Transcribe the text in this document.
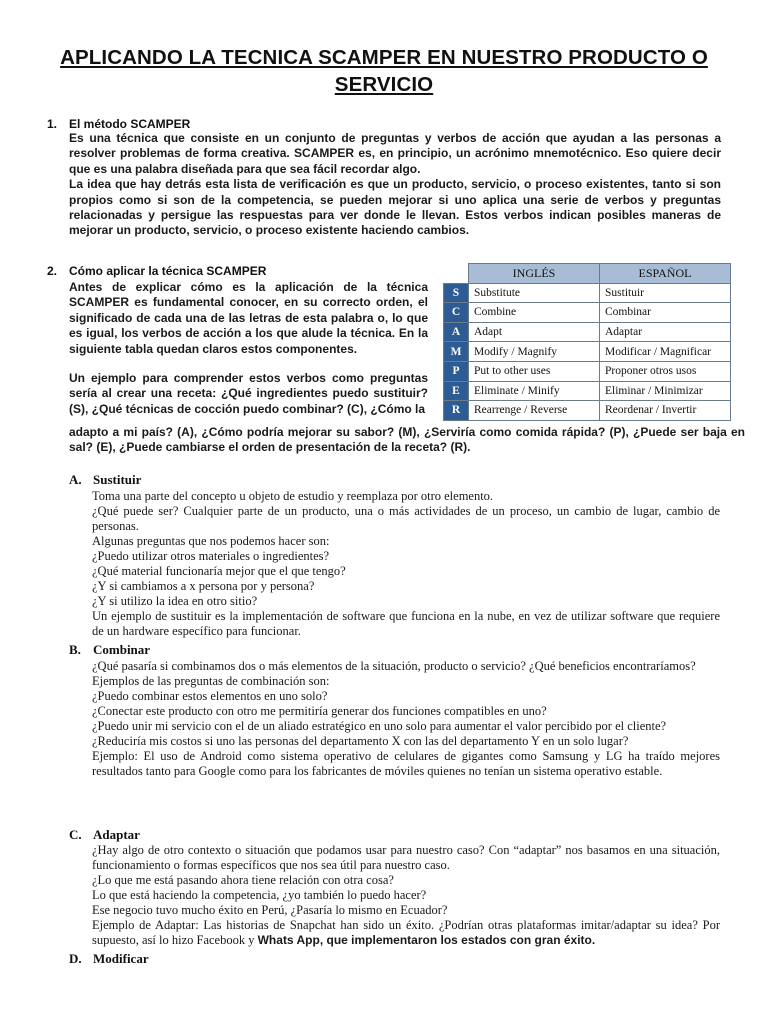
APLICANDO LA TECNICA SCAMPER EN NUESTRO PRODUCTO O SERVICIO
1. El método SCAMPER

Es una técnica que consiste en un conjunto de preguntas y verbos de acción que ayudan a las personas a resolver problemas de forma creativa. SCAMPER es, en principio, un acrónimo mnemotécnico. Eso quiere decir que es una palabra diseñada para que sea fácil recordar algo.

La idea que hay detrás esta lista de verificación es que un producto, servicio, o proceso existentes, tanto si son propios como si son de la competencia, se pueden mejorar si uno aplica una serie de verbos y preguntas relacionadas y persigue las respuestas para ver donde le llevan. Estos verbos indican posibles maneras de mejorar un producto, servicio, o proceso existente haciendo cambios.

2. Cómo aplicar la técnica SCAMPER

Antes de explicar cómo es la aplicación de la técnica SCAMPER es fundamental conocer, en su correcto orden, el significado de cada una de las letras de esta palabra o, lo que es igual, los verbos de acción a los que alude la técnica. En la siguiente tabla quedan claros estos componentes.

Un ejemplo para comprender estos verbos como preguntas sería al crear una receta: ¿Qué ingredientes puedo sustituir? (S), ¿Qué técnicas de cocción puedo combinar? (C), ¿Cómo la

adapto a mi país? (A), ¿Cómo podría mejorar su sabor? (M), ¿Serviría como comida rápida? (P), ¿Puede ser baja en sal? (E), ¿Puede cambiarse el orden de presentación de la receta? (R).

	INGLÉS	ESPAÑOL
S	Substitute	Sustituir
C	Combine	Combinar
A	Adapt	Adaptar
M	Modify / Magnify	Modificar / Magnificar
P	Put to other uses	Proponer otros usos
E	Eliminate / Minify	Eliminar / Minimizar
R	Rearrenge / Reverse	Reordenar / Invertir
A. Sustituir

Toma una parte del concepto u objeto de estudio y reemplaza por otro elemento.

¿Qué puede ser? Cualquier parte de un producto, una o más actividades de un proceso, un cambio de lugar, cambio de personas.

Algunas preguntas que nos podemos hacer son:

¿Puedo utilizar otros materiales o ingredientes?

¿Qué material funcionaría mejor que el que tengo?

¿Y si cambiamos a x persona por y persona?

¿Y si utilizo la idea en otro sitio?

Un ejemplo de sustituir es la implementación de software que funciona en la nube, en vez de utilizar software que requiere de un hardware específico para funcionar.

B. Combinar

¿Qué pasaría si combinamos dos o más elementos de la situación, producto o servicio? ¿Qué beneficios encontraríamos?

Ejemplos de las preguntas de combinación son:

¿Puedo combinar estos elementos en uno solo?

¿Conectar este producto con otro me permitiría generar dos funciones compatibles en uno?

¿Puedo unir mi servicio con el de un aliado estratégico en uno solo para aumentar el valor percibido por el cliente?

¿Reduciría mis costos si uno las personas del departamento X con las del departamento Y en un solo lugar?

Ejemplo: El uso de Android como sistema operativo de celulares de gigantes como Samsung y LG ha traído mejores resultados tanto para Google como para los fabricantes de móviles quienes no tenían un sistema operativo estable.

C. Adaptar

¿Hay algo de otro contexto o situación que podamos usar para nuestro caso? Con “adaptar” nos basamos en una situación, funcionamiento o formas específicos que nos sea útil para nuestro caso.

¿Lo que me está pasando ahora tiene relación con otra cosa?

Lo que está haciendo la competencia, ¿yo también lo puedo hacer?

Ese negocio tuvo mucho éxito en Perú, ¿Pasaría lo mismo en Ecuador?

Ejemplo de Adaptar: Las historias de Snapchat han sido un éxito. ¿Podrían otras plataformas imitar/adaptar su idea? Por supuesto, así lo hizo Facebook y Whats App, que implementaron los estados con gran éxito.

D. Modificar
